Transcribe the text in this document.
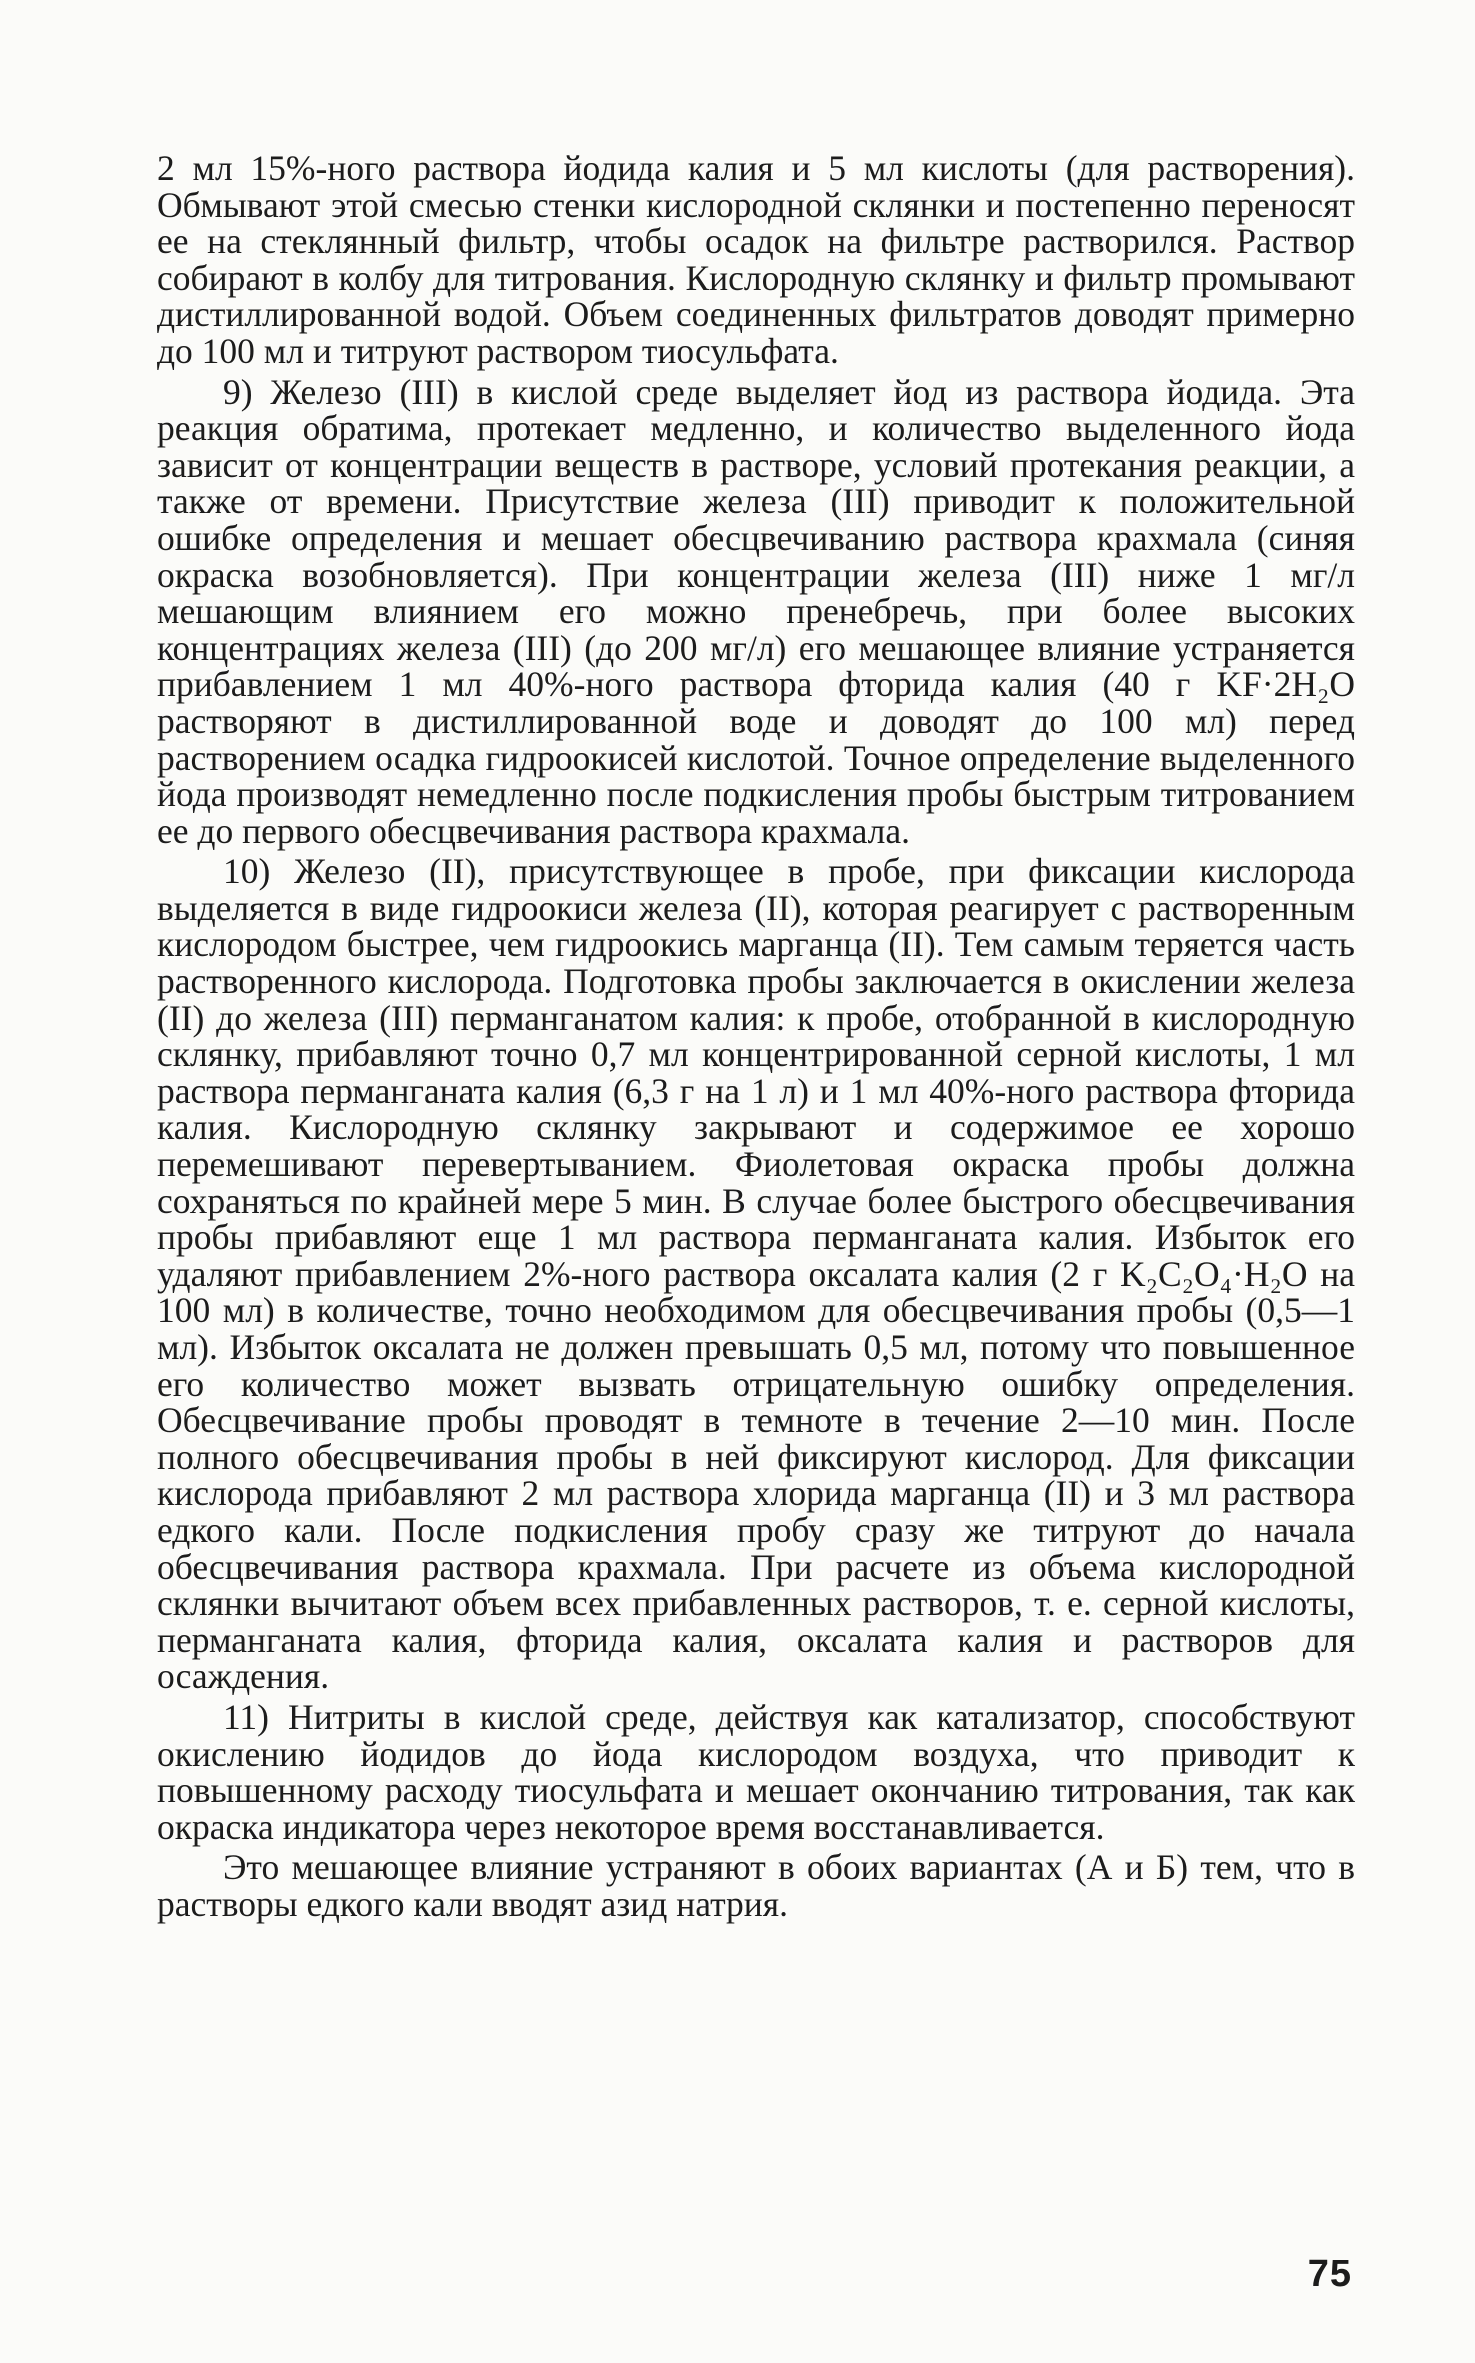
2 мл 15%-ного раствора йодида калия и 5 мл кислоты (для растворения). Обмывают этой смесью стенки кислородной склянки и постепенно переносят ее на стеклянный фильтр, чтобы осадок на фильтре растворился. Раствор собирают в колбу для титрования. Кислородную склянку и фильтр промывают дистиллированной водой. Объем соединенных фильтратов доводят примерно до 100 мл и титруют раствором тиосульфата.

9) Железо (III) в кислой среде выделяет йод из раствора йодида. Эта реакция обратима, протекает медленно, и количество выделенного йода зависит от концентрации веществ в растворе, условий протекания реакции, а также от времени. Присутствие железа (III) приводит к положительной ошибке определения и мешает обесцвечиванию раствора крахмала (синяя окраска возобновляется). При концентрации железа (III) ниже 1 мг/л мешающим влиянием его можно пренебречь, при более высоких концентрациях железа (III) (до 200 мг/л) его мешающее влияние устраняется прибавлением 1 мл 40%-ного раствора фторида калия (40 г KF·2H₂O растворяют в дистиллированной воде и доводят до 100 мл) перед растворением осадка гидроокисей кислотой. Точное определение выделенного йода производят немедленно после подкисления пробы быстрым титрованием ее до первого обесцвечивания раствора крахмала.

10) Железо (II), присутствующее в пробе, при фиксации кислорода выделяется в виде гидроокиси железа (II), которая реагирует с растворенным кислородом быстрее, чем гидроокись марганца (II). Тем самым теряется часть растворенного кислорода. Подготовка пробы заключается в окислении железа (II) до железа (III) перманганатом калия: к пробе, отобранной в кислородную склянку, прибавляют точно 0,7 мл концентрированной серной кислоты, 1 мл раствора перманганата калия (6,3 г на 1 л) и 1 мл 40%-ного раствора фторида калия. Кислородную склянку закрывают и содержимое ее хорошо перемешивают перевертыванием. Фиолетовая окраска пробы должна сохраняться по крайней мере 5 мин. В случае более быстрого обесцвечивания пробы прибавляют еще 1 мл раствора перманганата калия. Избыток его удаляют прибавлением 2%-ного раствора оксалата калия (2 г K₂C₂O₄·H₂O на 100 мл) в количестве, точно необходимом для обесцвечивания пробы (0,5—1 мл). Избыток оксалата не должен превышать 0,5 мл, потому что повышенное его количество может вызвать отрицательную ошибку определения. Обесцвечивание пробы проводят в темноте в течение 2—10 мин. После полного обесцвечивания пробы в ней фиксируют кислород. Для фиксации кислорода прибавляют 2 мл раствора хлорида марганца (II) и 3 мл раствора едкого кали. После подкисления пробу сразу же титруют до начала обесцвечивания раствора крахмала. При расчете из объема кислородной склянки вычитают объем всех прибавленных растворов, т. е. серной кислоты, перманганата калия, фторида калия, оксалата калия и растворов для осаждения.

11) Нитриты в кислой среде, действуя как катализатор, способствуют окислению йодидов до йода кислородом воздуха, что приводит к повышенному расходу тиосульфата и мешает окончанию титрования, так как окраска индикатора через некоторое время восстанавливается.

Это мешающее влияние устраняют в обоих вариантах (А и Б) тем, что в растворы едкого кали вводят азид натрия.

75
